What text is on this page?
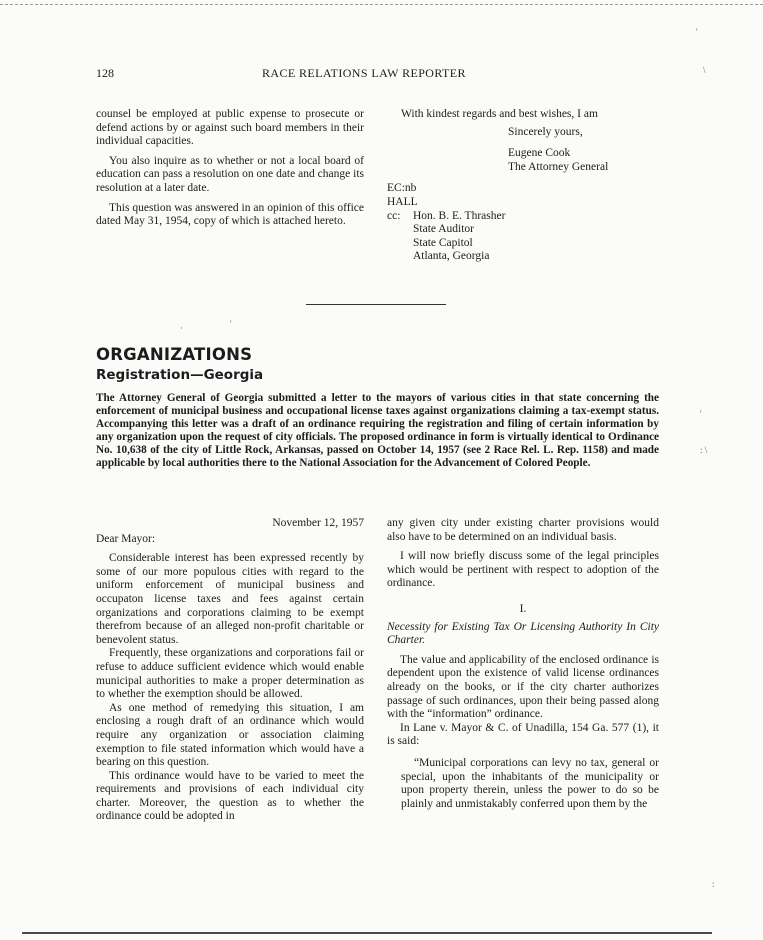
'
\
: \
'
·	'
:
128	RACE RELATIONS LAW REPORTER

counsel be employed at public expense to prosecute or defend actions by or against such board members in their individual capacities.

You also inquire as to whether or not a local board of education can pass a resolution on one date and change its resolution at a later date.

This question was answered in an opinion of this office dated May 31, 1954, copy of which is attached hereto.

With kindest regards and best wishes, I am

Sincerely yours,

Eugene Cook

The Attorney General

EC:nb

HALL

cc:	Hon. B. E. Thrasher
State Auditor
State Capitol
Atlanta, Georgia
ORGANIZATIONS
Registration—Georgia

The Attorney General of Georgia submitted a letter to the mayors of various cities in that state concerning the enforcement of municipal business and occupational license taxes against organizations claiming a tax-exempt status. Accompanying this letter was a draft of an ordinance requiring the registration and filing of certain information by any organization upon the request of city officials. The proposed ordinance in form is virtually identical to Ordinance No. 10,638 of the city of Little Rock, Arkansas, passed on October 14, 1957 (see 2 Race Rel. L. Rep. 1158) and made applicable by local authorities there to the National Association for the Advancement of Colored People.

November 12, 1957

Dear Mayor:

Considerable interest has been expressed recently by some of our more populous cities with regard to the uniform enforcement of municipal business and occupaton license taxes and fees against certain organizations and corporations claiming to be exempt therefrom because of an alleged non-profit charitable or benevolent status.

Frequently, these organizations and corporations fail or refuse to adduce sufficient evidence which would enable municipal authorities to make a proper determination as to whether the exemption should be allowed.

As one method of remedying this situation, I am enclosing a rough draft of an ordinance which would require any organization or association claiming exemption to file stated information which would have a bearing on this question.

This ordinance would have to be varied to meet the requirements and provisions of each individual city charter. Moreover, the question as to whether the ordinance could be adopted in

any given city under existing charter provisions would also have to be determined on an individual basis.

I will now briefly discuss some of the legal principles which would be pertinent with respect to adoption of the ordinance.

I.

Necessity for Existing Tax Or Licensing Authority In City Charter.

The value and applicability of the enclosed ordinance is dependent upon the existence of valid license ordinances already on the books, or if the city charter authorizes passage of such ordinances, upon their being passed along with the “information” ordinance.

In Lane v. Mayor & C. of Unadilla, 154 Ga. 577 (1), it is said:

“Municipal corporations can levy no tax, general or special, upon the inhabitants of the municipality or upon property therein, unless the power to do so be plainly and unmistakably conferred upon them by the
